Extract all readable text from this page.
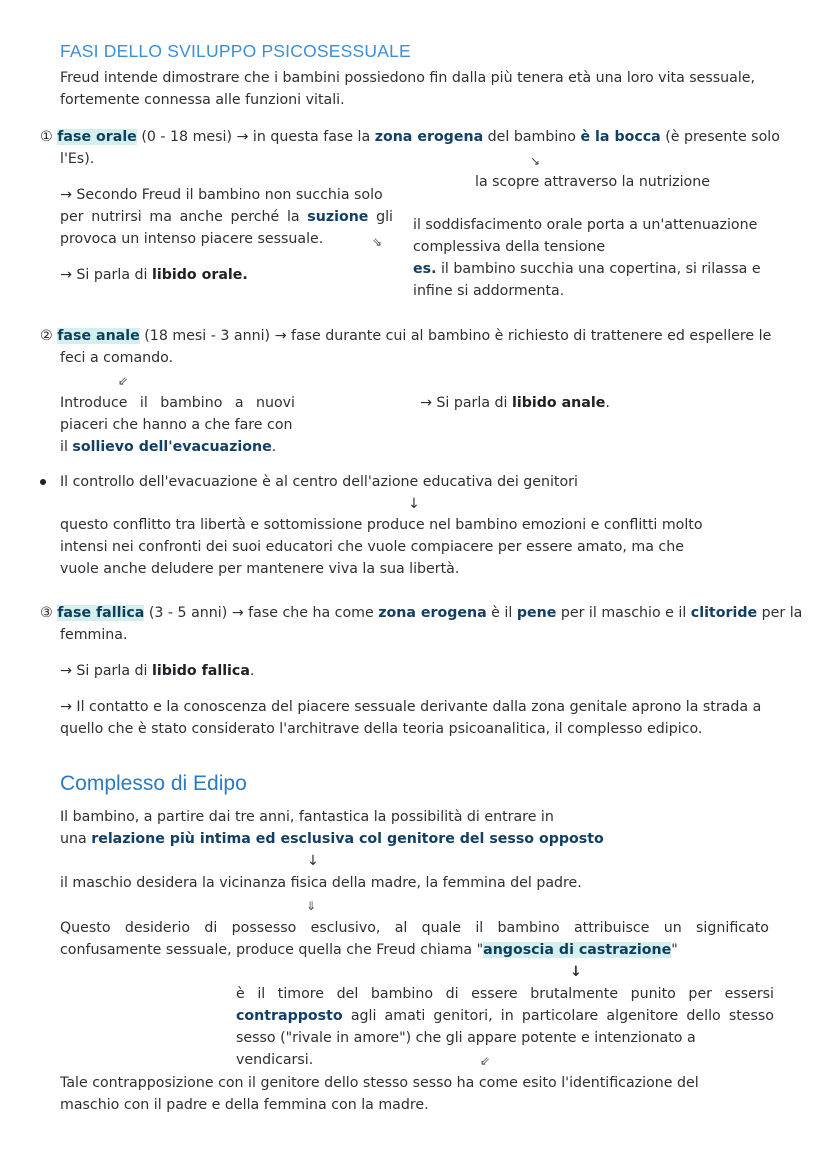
FASI DELLO SVILUPPO PSICOSESSUALE
Freud intende dimostrare che i bambini possiedono fin dalla più tenera età una loro vita sessuale,
fortemente connessa alle funzioni vitali.
① fase orale (0 - 18 mesi) → in questa fase la zona erogena del bambino è la bocca (è presente solo
l'Es).	↘
la scopre attraverso la nutrizione
→ Secondo Freud il bambino non succhia solo
per nutrirsi ma anche perché la suzione gli
provoca un intenso piacere sessuale.	⇘
il soddisfacimento orale porta a un'attenuazione
complessiva della tensione
es. il bambino succhia una copertina, si rilassa e
infine si addormenta.
→ Si parla di libido orale.
② fase anale (18 mesi - 3 anni) → fase durante cui al bambino è richiesto di trattenere ed espellere le
feci a comando.
⇙
Introduce il bambino a nuovi
piaceri che hanno a che fare con
il sollievo dell'evacuazione.
→ Si parla di libido anale.
Il controllo dell'evacuazione è al centro dell'azione educativa dei genitori
↓
questo conflitto tra libertà e sottomissione produce nel bambino emozioni e conflitti molto
intensi nei confronti dei suoi educatori che vuole compiacere per essere amato, ma che
vuole anche deludere per mantenere viva la sua libertà.
③ fase fallica (3 - 5 anni) → fase che ha come zona erogena è il pene per il maschio e il clitoride per la
femmina.
→ Si parla di libido fallica.
→ Il contatto e la conoscenza del piacere sessuale derivante dalla zona genitale aprono la strada a
quello che è stato considerato l'architrave della teoria psicoanalitica, il complesso edipico.
Complesso di Edipo
Il bambino, a partire dai tre anni, fantastica la possibilità di entrare in
una relazione più intima ed esclusiva col genitore del sesso opposto
↓
il maschio desidera la vicinanza fisica della madre, la femmina del padre.
⇓
Questo desiderio di possesso esclusivo, al quale il bambino attribuisce un significato
confusamente sessuale, produce quella che Freud chiama "angoscia di castrazione"
↓
è il timore del bambino di essere brutalmente punito per essersi
contrapposto agli amati genitori, in particolare algenitore dello stesso
sesso ("rivale in amore") che gli appare potente e intenzionato a vendicarsi.	⇙
Tale contrapposizione con il genitore dello stesso sesso ha come esito l'identificazione del
maschio con il padre e della femmina con la madre.
